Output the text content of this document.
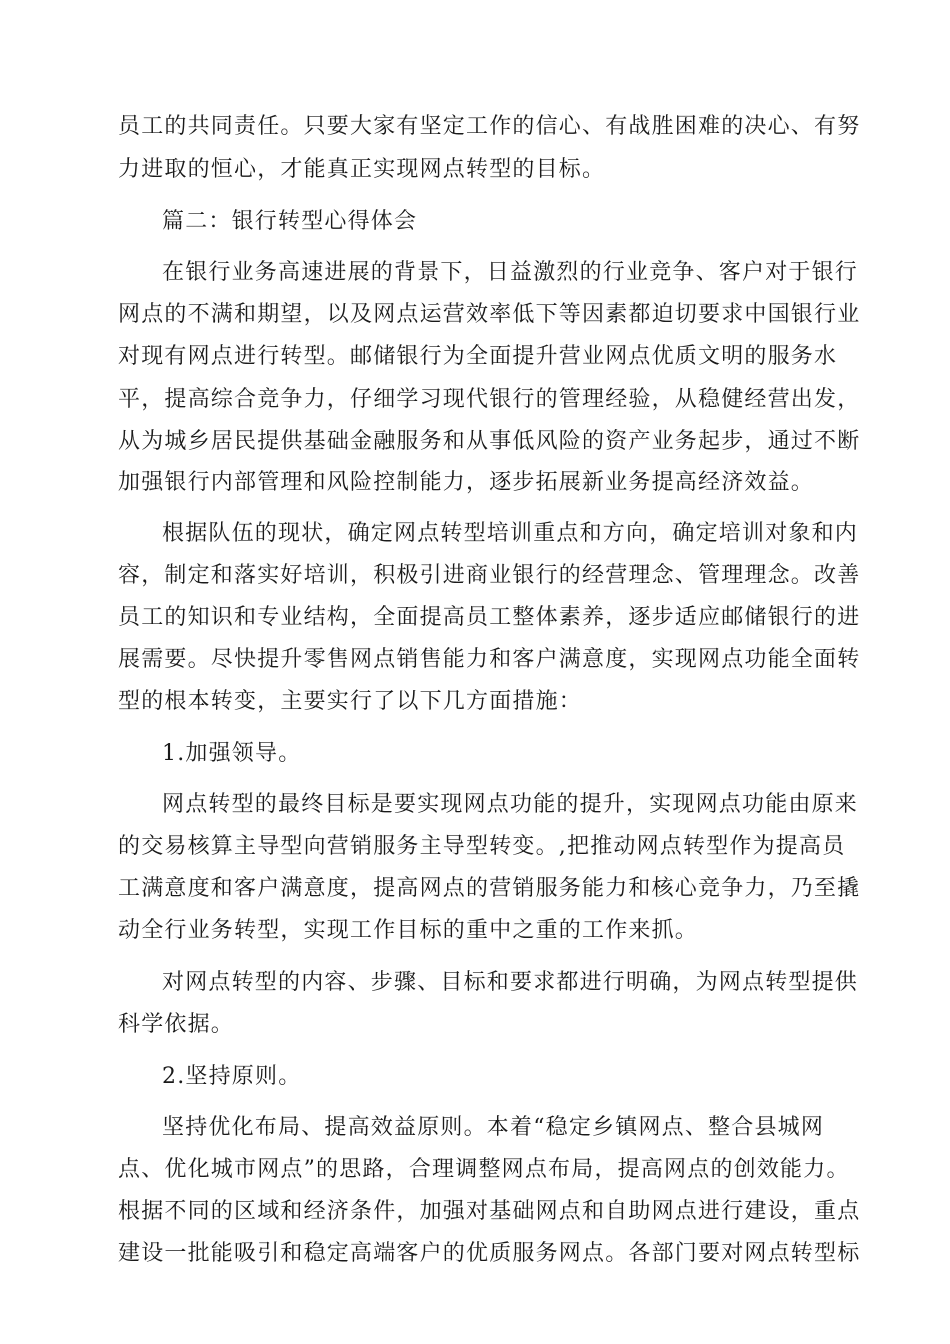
员工的共同责任。只要大家有坚定工作的信心、有战胜困难的决心、有努
力进取的恒心，才能真正实现网点转型的目标。
篇二：银行转型心得体会
在银行业务高速进展的背景下，日益激烈的行业竞争、客户对于银行
网点的不满和期望，以及网点运营效率低下等因素都迫切要求中国银行业
对现有网点进行转型。邮储银行为全面提升营业网点优质文明的服务水
平，提高综合竞争力，仔细学习现代银行的管理经验，从稳健经营出发，
从为城乡居民提供基础金融服务和从事低风险的资产业务起步，通过不断
加强银行内部管理和风险控制能力，逐步拓展新业务提高经济效益。
根据队伍的现状，确定网点转型培训重点和方向，确定培训对象和内
容，制定和落实好培训，积极引进商业银行的经营理念、管理理念。改善
员工的知识和专业结构，全面提高员工整体素养，逐步适应邮储银行的进
展需要。尽快提升零售网点销售能力和客户满意度，实现网点功能全面转
型的根本转变，主要实行了以下几方面措施：
1.加强领导。
网点转型的最终目标是要实现网点功能的提升，实现网点功能由原来
的交易核算主导型向营销服务主导型转变。,把推动网点转型作为提高员
工满意度和客户满意度，提高网点的营销服务能力和核心竞争力，乃至撬
动全行业务转型，实现工作目标的重中之重的工作来抓。
对网点转型的内容、步骤、目标和要求都进行明确，为网点转型提供
科学依据。
2.坚持原则。
坚持优化布局、提高效益原则。本着“稳定乡镇网点、整合县城网
点、优化城市网点”的思路，合理调整网点布局，提高网点的创效能力。
根据不同的区域和经济条件，加强对基础网点和自助网点进行建设，重点
建设一批能吸引和稳定高端客户的优质服务网点。各部门要对网点转型标
